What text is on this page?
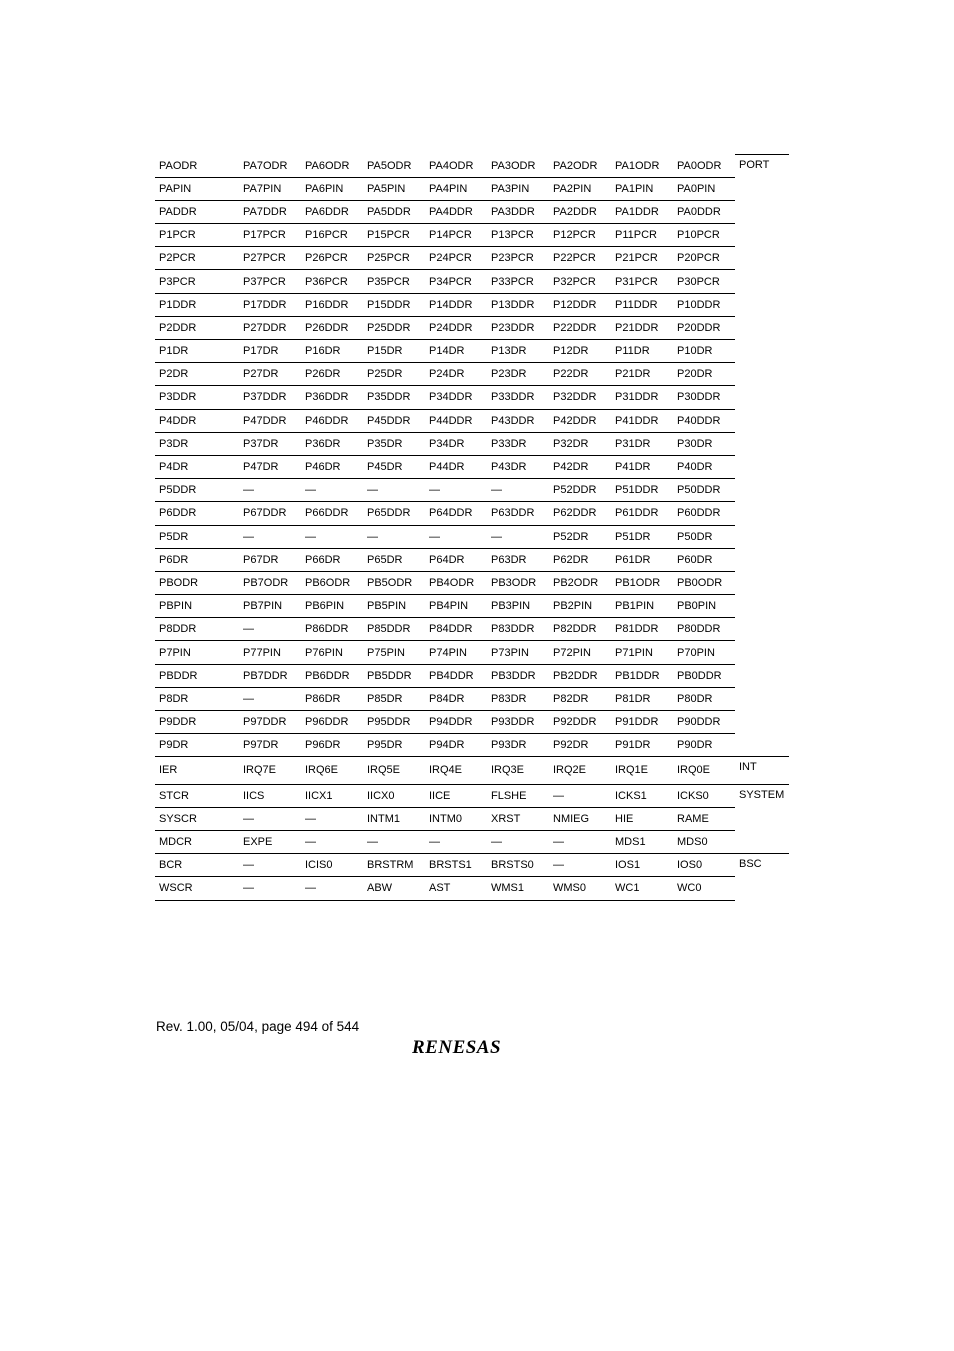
PAODR	PA7ODR	PA6ODR	PA5ODR	PA4ODR	PA3ODR	PA2ODR	PA1ODR	PA0ODR	PORT
PAPIN	PA7PIN	PA6PIN	PA5PIN	PA4PIN	PA3PIN	PA2PIN	PA1PIN	PA0PIN	
PADDR	PA7DDR	PA6DDR	PA5DDR	PA4DDR	PA3DDR	PA2DDR	PA1DDR	PA0DDR	
P1PCR	P17PCR	P16PCR	P15PCR	P14PCR	P13PCR	P12PCR	P11PCR	P10PCR	
P2PCR	P27PCR	P26PCR	P25PCR	P24PCR	P23PCR	P22PCR	P21PCR	P20PCR	
P3PCR	P37PCR	P36PCR	P35PCR	P34PCR	P33PCR	P32PCR	P31PCR	P30PCR	
P1DDR	P17DDR	P16DDR	P15DDR	P14DDR	P13DDR	P12DDR	P11DDR	P10DDR	
P2DDR	P27DDR	P26DDR	P25DDR	P24DDR	P23DDR	P22DDR	P21DDR	P20DDR	
P1DR	P17DR	P16DR	P15DR	P14DR	P13DR	P12DR	P11DR	P10DR	
P2DR	P27DR	P26DR	P25DR	P24DR	P23DR	P22DR	P21DR	P20DR	
P3DDR	P37DDR	P36DDR	P35DDR	P34DDR	P33DDR	P32DDR	P31DDR	P30DDR	
P4DDR	P47DDR	P46DDR	P45DDR	P44DDR	P43DDR	P42DDR	P41DDR	P40DDR	
P3DR	P37DR	P36DR	P35DR	P34DR	P33DR	P32DR	P31DR	P30DR	
P4DR	P47DR	P46DR	P45DR	P44DR	P43DR	P42DR	P41DR	P40DR	
P5DDR	—	—	—	—	—	P52DDR	P51DDR	P50DDR	
P6DDR	P67DDR	P66DDR	P65DDR	P64DDR	P63DDR	P62DDR	P61DDR	P60DDR	
P5DR	—	—	—	—	—	P52DR	P51DR	P50DR	
P6DR	P67DR	P66DR	P65DR	P64DR	P63DR	P62DR	P61DR	P60DR	
PBODR	PB7ODR	PB6ODR	PB5ODR	PB4ODR	PB3ODR	PB2ODR	PB1ODR	PB0ODR	
PBPIN	PB7PIN	PB6PIN	PB5PIN	PB4PIN	PB3PIN	PB2PIN	PB1PIN	PB0PIN	
P8DDR	—	P86DDR	P85DDR	P84DDR	P83DDR	P82DDR	P81DDR	P80DDR	
P7PIN	P77PIN	P76PIN	P75PIN	P74PIN	P73PIN	P72PIN	P71PIN	P70PIN	
PBDDR	PB7DDR	PB6DDR	PB5DDR	PB4DDR	PB3DDR	PB2DDR	PB1DDR	PB0DDR	
P8DR	—	P86DR	P85DR	P84DR	P83DR	P82DR	P81DR	P80DR	
P9DDR	P97DDR	P96DDR	P95DDR	P94DDR	P93DDR	P92DDR	P91DDR	P90DDR	
P9DR	P97DR	P96DR	P95DR	P94DR	P93DR	P92DR	P91DR	P90DR	
IER	IRQ7E	IRQ6E	IRQ5E	IRQ4E	IRQ3E	IRQ2E	IRQ1E	IRQ0E	INT
STCR	IICS	IICX1	IICX0	IICE	FLSHE	—	ICKS1	ICKS0	SYSTEM
SYSCR	—	—	INTM1	INTM0	XRST	NMIEG	HIE	RAME	
MDCR	EXPE	—	—	—	—	—	MDS1	MDS0	
BCR	—	ICIS0	BRSTRM	BRSTS1	BRSTS0	—	IOS1	IOS0	BSC
WSCR	—	—	ABW	AST	WMS1	WMS0	WC1	WC0	
Rev. 1.00, 05/04, page 494 of 544
RENESAS
